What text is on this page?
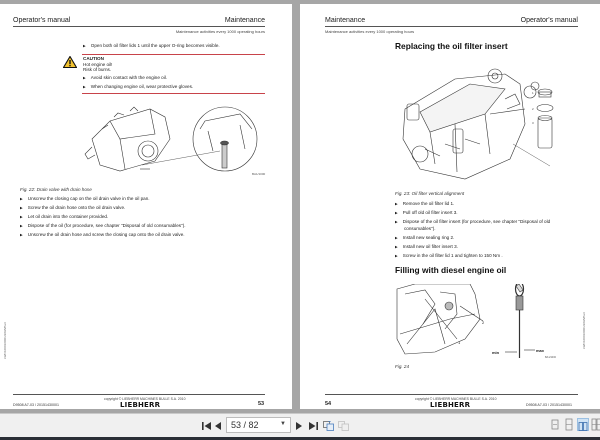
Operator's manual	Maintenance
Maintenance activities every 1000 operating hours
▶ Open both oil filter lids 1 until the upper O-ring becomes visible.
CAUTION
Hot engine oil!
Risk of burns.
▶ Avoid skin contact with the engine oil.
▶ When changing engine oil, wear protective gloves.
BA1/1000
Fig. 22: Drain valve with drain hose
▶ Unscrew the closing cap on the oil drain valve in the oil pan.
▶ Screw the oil drain hose onto the oil drain valve.
▶ Let oil drain into the container provided.
▶ Dispose of the oil (for procedure, see chapter "Disposal of old consumables").
▶ Unscrew the oil drain hose and screw the closing cap onto the oil drain valve.
LWF/10001/0001/2/GB/Part
copyright © LIEBHERR MACHINES BULLE S.A. 2010
LIEBHERR
D9508 A7-03 / 20151430001	53
Maintenance	Operator's manual
Maintenance activities every 1000 operating hours
Replacing the oil filter insert
1
2
3
Fig. 23: Oil filter vertical alignment
▶ Remove the oil filter lid 1.
▶ Pull off old oil filter insert 3.
▶ Dispose of the oil filter insert (for procedure, see chapter "Disposal of old
consumables").
▶ Install new sealing ring 2.
▶ Install new oil filter insert 3.
▶ Screw in the oil filter lid 1 and tighten to 150 Nm .
Filling with diesel engine oil
2
1
min	max
BA1/1000
Fig. 24
LWF/10001/0001/2/GB/Part
copyright © LIEBHERR MACHINES BULLE S.A. 2010
LIEBHERR
54	D9508 A7-03 / 20151430001
53 / 82	▼
